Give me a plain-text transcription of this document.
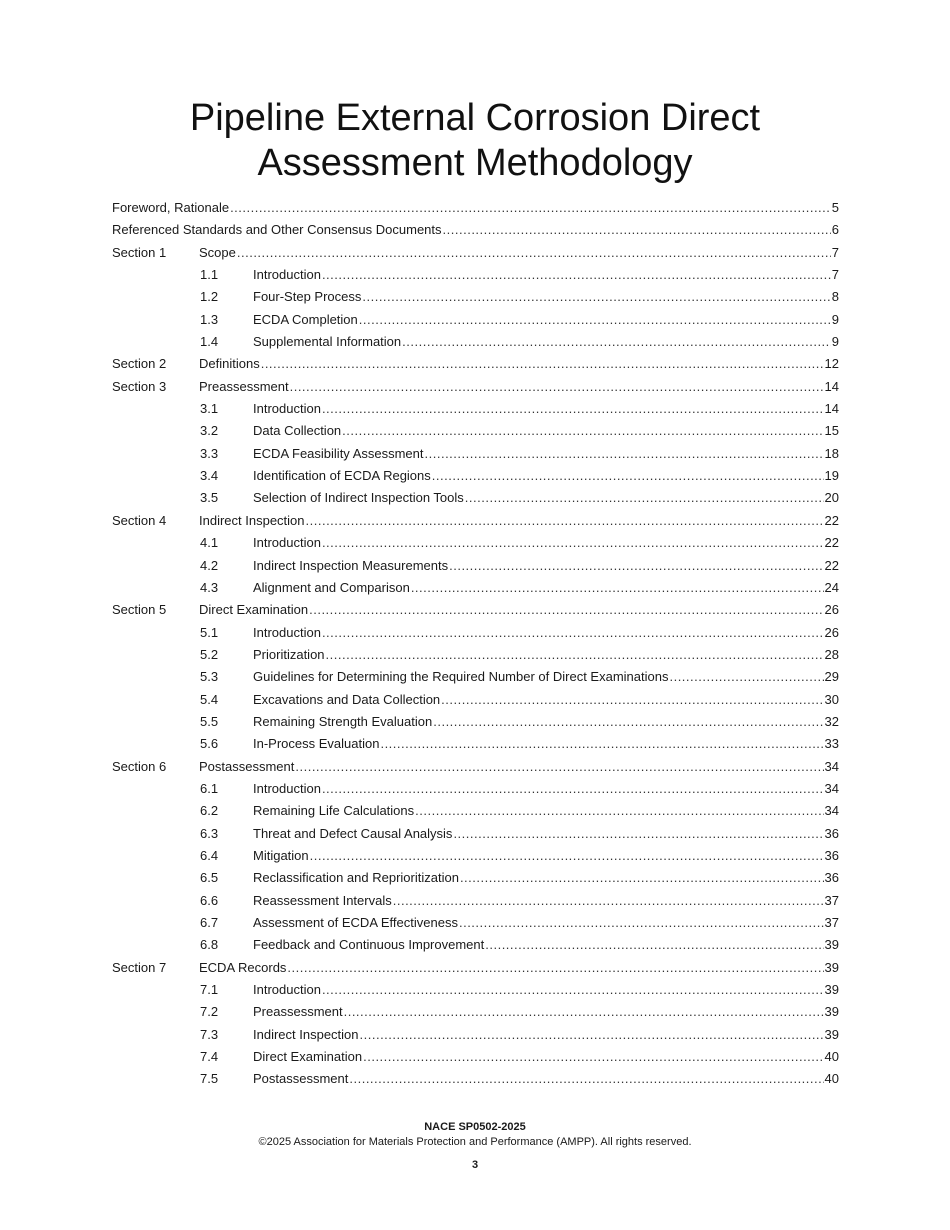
Pipeline External Corrosion Direct
Assessment Methodology
Foreword, Rationale .....	5
Referenced Standards and Other Consensus Documents .....	6
Section 1	Scope .....	7
1.1	Introduction .....	7
1.2	Four-Step Process .....	8
1.3	ECDA Completion .....	9
1.4	Supplemental Information .....	9
Section 2	Definitions .....	12
Section 3	Preassessment .....	14
3.1	Introduction .....	14
3.2	Data Collection .....	15
3.3	ECDA Feasibility Assessment .....	18
3.4	Identification of ECDA Regions .....	19
3.5	Selection of Indirect Inspection Tools .....	20
Section 4	Indirect Inspection .....	22
4.1	Introduction .....	22
4.2	Indirect Inspection Measurements .....	22
4.3	Alignment and Comparison .....	24
Section 5	Direct Examination .....	26
5.1	Introduction .....	26
5.2	Prioritization .....	28
5.3	Guidelines for Determining the Required Number of Direct Examinations .....	29
5.4	Excavations and Data Collection .....	30
5.5	Remaining Strength Evaluation .....	32
5.6	In-Process Evaluation .....	33
Section 6	Postassessment .....	34
6.1	Introduction .....	34
6.2	Remaining Life Calculations .....	34
6.3	Threat and Defect Causal Analysis .....	36
6.4	Mitigation .....	36
6.5	Reclassification and Reprioritization .....	36
6.6	Reassessment Intervals .....	37
6.7	Assessment of ECDA Effectiveness .....	37
6.8	Feedback and Continuous Improvement .....	39
Section 7	ECDA Records .....	39
7.1	Introduction .....	39
7.2	Preassessment .....	39
7.3	Indirect Inspection .....	39
7.4	Direct Examination .....	40
7.5	Postassessment .....	40
NACE SP0502-2025
©2025 Association for Materials Protection and Performance (AMPP). All rights reserved.
3
